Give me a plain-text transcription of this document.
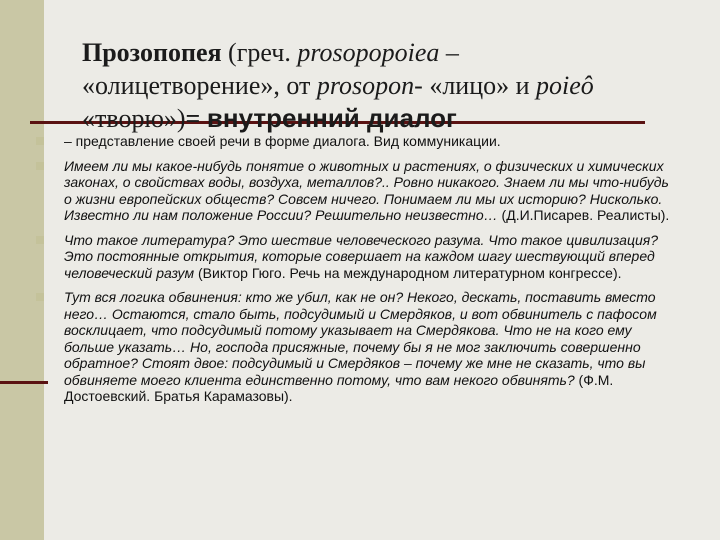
Прозопопея (греч. prosopopoiea – «олицетворение», от prosopon- «лицо» и poieô «творю»)= внутренний диалог
– представление своей речи в форме диалога. Вид коммуникации.
Имеем ли мы какое-нибудь понятие о животных и растениях, о физических и химических законах, о свойствах воды, воздуха, металлов?.. Ровно никакого. Знаем ли мы что-нибудь о жизни европейских обществ? Совсем ничего. Понимаем ли мы их историю? Нисколько. Известно ли нам положение России? Решительно неизвестно… (Д.И.Писарев. Реалисты).
Что такое литература? Это шествие человеческого разума. Что такое цивилизация? Это постоянные открытия, которые совершает на каждом шагу шествующий вперед человеческий разум (Виктор Гюго. Речь на международном литературном конгрессе).
Тут вся логика обвинения: кто же убил, как не он? Некого, дескать, поставить вместо него… Остаются, стало быть, подсудимый и Смердяков, и вот обвинитель с пафосом восклицает, что подсудимый потому указывает на Смердякова. Что не на кого ему больше указать… Но, господа присяжные, почему бы я не мог заключить совершенно обратное? Стоят двое: подсудимый и Смердяков – почему же мне не сказать, что вы обвиняете моего клиента единственно потому, что вам некого обвинять? (Ф.М. Достоевский. Братья Карамазовы).
